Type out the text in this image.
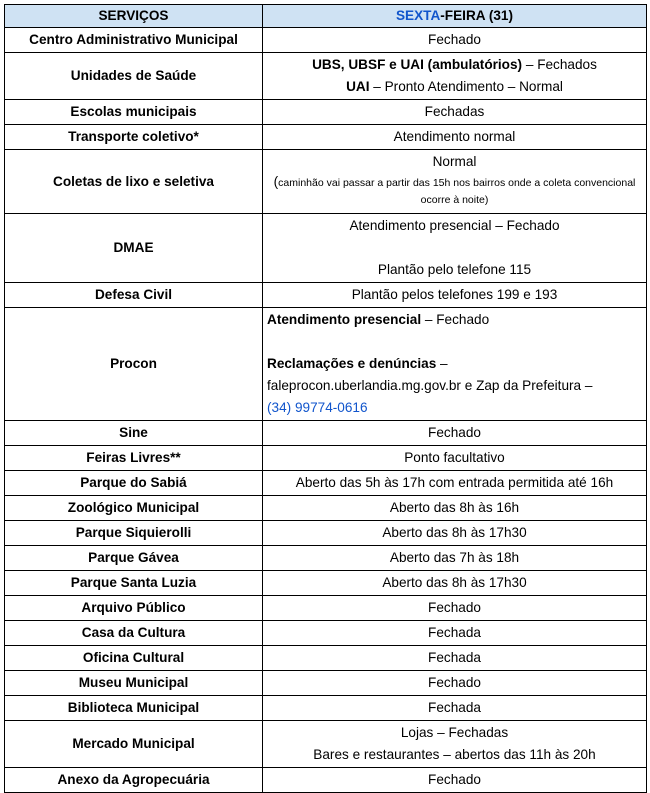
SERVIÇOS	SEXTA-FEIRA (31)
Centro Administrativo Municipal	Fechado
Unidades de Saúde	UBS, UBSF e UAI (ambulatórios) – Fechados
UAI – Pronto Atendimento – Normal

Escolas municipais	Fechadas
Transporte coletivo*	Atendimento normal
Coletas de lixo e seletiva	Normal
(caminhão vai passar a partir das 15h nos bairros onde a coleta convencional ocorre à noite)

DMAE	Atendimento presencial – Fechado
Plantão pelo telefone 115

Defesa Civil	Plantão pelos telefones 199 e 193
Procon	Atendimento presencial – Fechado
Reclamações e denúncias –
faleprocon.uberlandia.mg.gov.br e Zap da Prefeitura –
(34) 99774-0616

Sine	Fechado
Feiras Livres**	Ponto facultativo
Parque do Sabiá	Aberto das 5h às 17h com entrada permitida até 16h
Zoológico Municipal	Aberto das 8h às 16h
Parque Siquierolli	Aberto das 8h às 17h30
Parque Gávea	Aberto das 7h às 18h
Parque Santa Luzia	Aberto das 8h às 17h30
Arquivo Público	Fechado
Casa da Cultura	Fechada
Oficina Cultural	Fechada
Museu Municipal	Fechado
Biblioteca Municipal	Fechada
Mercado Municipal	Lojas – Fechadas
Bares e restaurantes – abertos das 11h às 20h

Anexo da Agropecuária	Fechado
